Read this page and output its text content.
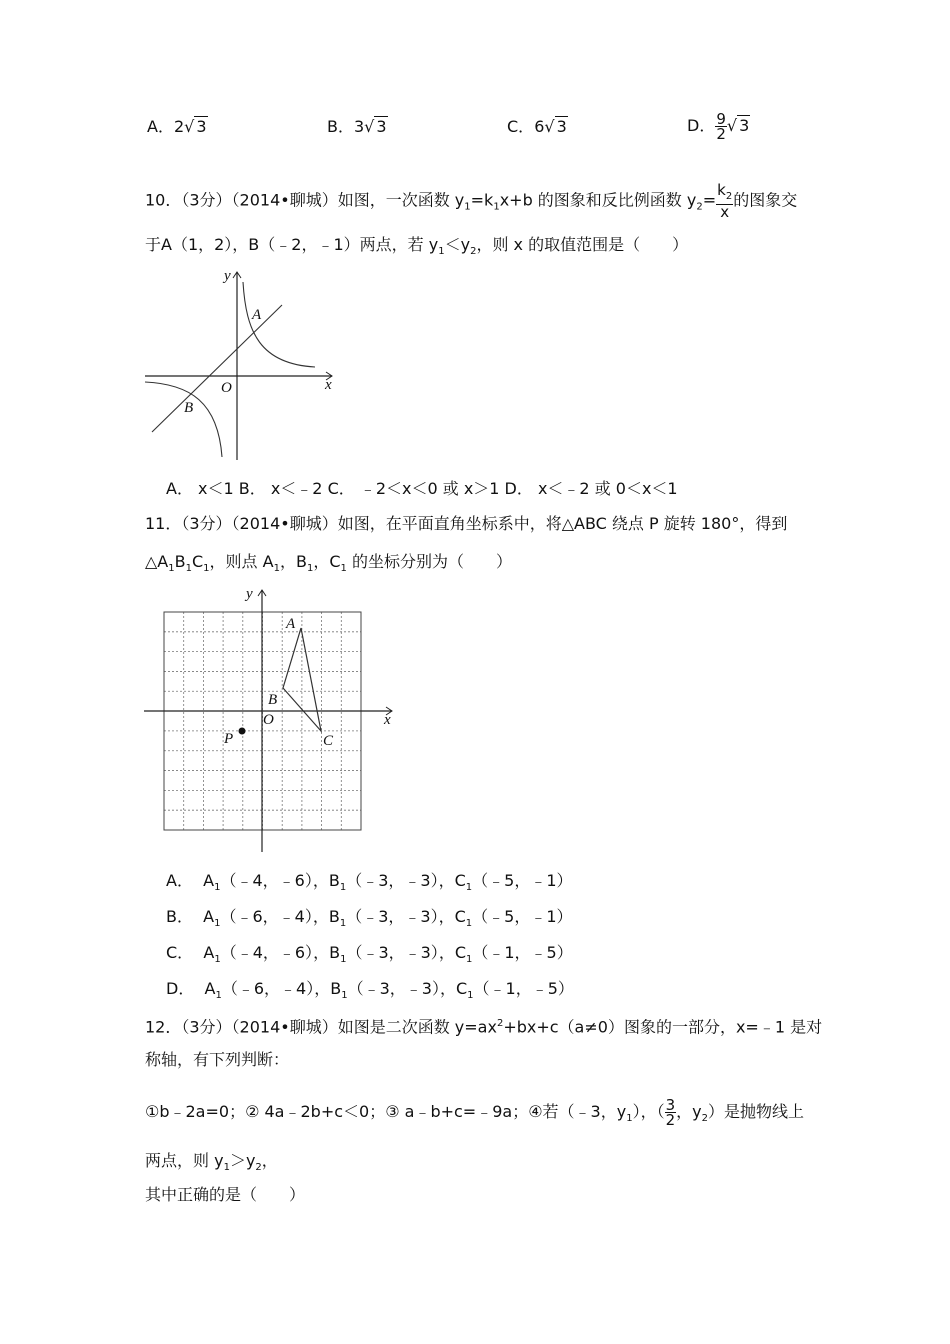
A．2√ 3	B．3√ 3	C．6√ 3	D． $\frac{9}{2}$ √ 3
10．（3分）（2014•聊城）如图，一次函数 $y_1=k_1x+b$ 的图象和反比例函数 $y_2= \frac{k_2}{x}$ 的图象交
于A（1，2），B（﹣2，﹣1）两点，若 $y_1<y_2$，则 x 的取值范围是（　　）
y
x
O
A
B
A． x＜1 B． x＜﹣2 C． ﹣2＜x＜0 或 x＞1 D． x＜﹣2 或 0＜x＜1
11．（3分）（2014•聊城）如图，在平面直角坐标系中，将△ABC 绕点 P 旋转 180°，得到
$\triangle A_1B_1C_1$，则点 $A_1$，$B_1$，$C_1$ 的坐标分别为（　　）
y
x
O
A
B
C
P
A． $A_1(﹣4$，﹣6），$B_1(﹣3$，﹣3），$C_1(﹣5$，﹣1）
B． $A_1(﹣6$，﹣4），$B_1(﹣3$，﹣3），$C_1(﹣5$，﹣1）
C． $A_1(﹣4$，﹣6），$B_1(﹣3$，﹣3），$C_1(﹣1$，﹣5）
D． $A_1(﹣6$，﹣4），$B_1(﹣3$，﹣3），$C_1(﹣1$，﹣5）
12．（3分）（2014•聊城）如图是二次函数 $y=ax^2+bx+c(a\ne 0)$图象的一部分，x=﹣1 是对
称轴，有下列判断：
①b﹣2a=0；② 4a﹣2b+c＜0；③ a﹣b+c=﹣9a；④若（﹣3，$y_1$），（ $\frac{3}{2}$ ，$y_2$）是抛物线上
两点，则 $y_1>y_2$，
其中正确的是（　　）
